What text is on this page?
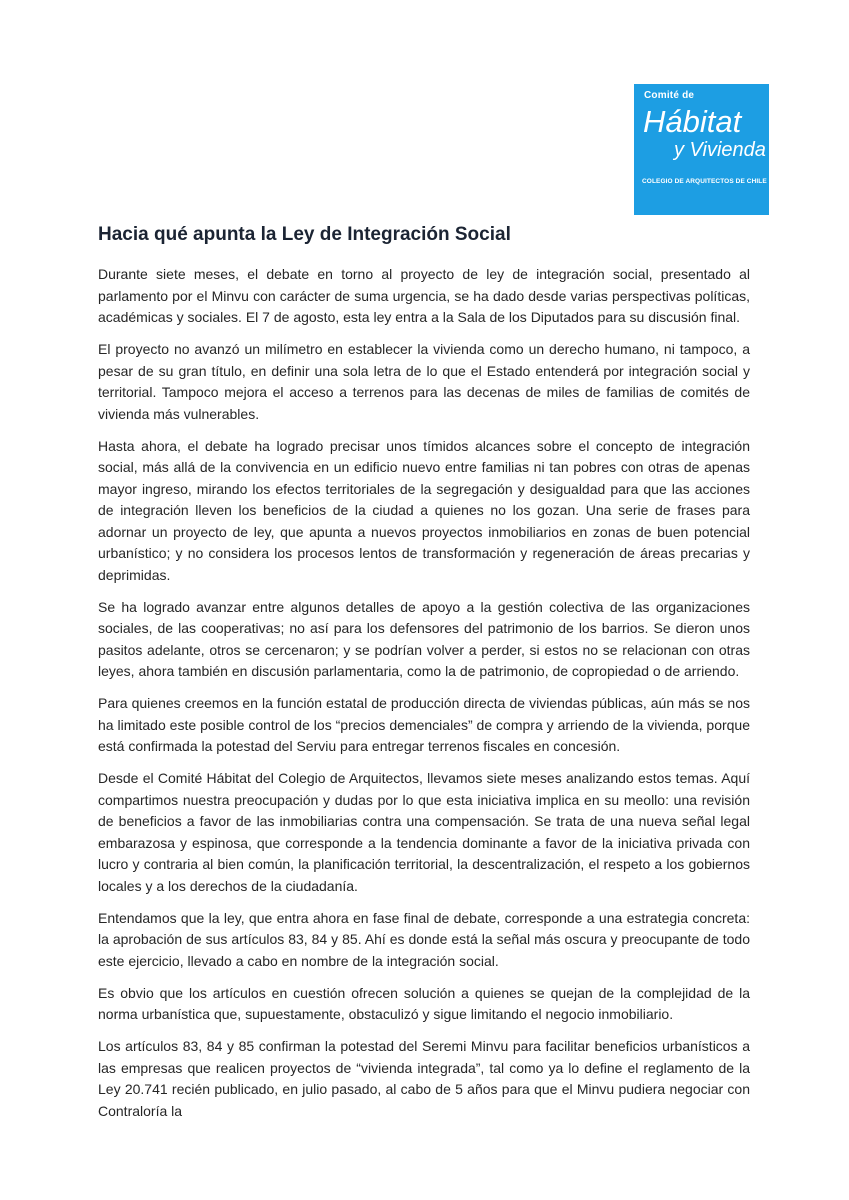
Comité de
Hábitat
y Vivienda
COLEGIO DE ARQUITECTOS DE CHILE
Hacia qué apunta la Ley de Integración Social

Durante siete meses, el debate en torno al proyecto de ley de integración social, presentado al parlamento por el Minvu con carácter de suma urgencia, se ha dado desde varias perspectivas políticas, académicas y sociales. El 7 de agosto, esta ley entra a la Sala de los Diputados para su discusión final.

El proyecto no avanzó un milímetro en establecer la vivienda como un derecho humano, ni tampoco, a pesar de su gran título, en definir una sola letra de lo que el Estado entenderá por integración social y territorial. Tampoco mejora el acceso a terrenos para las decenas de miles de familias de comités de vivienda más vulnerables.

Hasta ahora, el debate ha logrado precisar unos tímidos alcances sobre el concepto de integración social, más allá de la convivencia en un edificio nuevo entre familias ni tan pobres con otras de apenas mayor ingreso, mirando los efectos territoriales de la segregación y desigualdad para que las acciones de integración lleven los beneficios de la ciudad a quienes no los gozan. Una serie de frases para adornar un proyecto de ley, que apunta a nuevos proyectos inmobiliarios en zonas de buen potencial urbanístico; y no considera los procesos lentos de transformación y regeneración de áreas precarias y deprimidas.

Se ha logrado avanzar entre algunos detalles de apoyo a la gestión colectiva de las organizaciones sociales, de las cooperativas; no así para los defensores del patrimonio de los barrios. Se dieron unos pasitos adelante, otros se cercenaron; y se podrían volver a perder, si estos no se relacionan con otras leyes, ahora también en discusión parlamentaria, como la de patrimonio, de copropiedad o de arriendo.

Para quienes creemos en la función estatal de producción directa de viviendas públicas, aún más se nos ha limitado este posible control de los “precios demenciales” de compra y arriendo de la vivienda, porque está confirmada la potestad del Serviu para entregar terrenos fiscales en concesión.

Desde el Comité Hábitat del Colegio de Arquitectos, llevamos siete meses analizando estos temas. Aquí compartimos nuestra preocupación y dudas por lo que esta iniciativa implica en su meollo: una revisión de beneficios a favor de las inmobiliarias contra una compensación. Se trata de una nueva señal legal embarazosa y espinosa, que corresponde a la tendencia dominante a favor de la iniciativa privada con lucro y contraria al bien común, la planificación territorial, la descentralización, el respeto a los gobiernos locales y a los derechos de la ciudadanía.

Entendamos que la ley, que entra ahora en fase final de debate, corresponde a una estrategia concreta: la aprobación de sus artículos 83, 84 y 85. Ahí es donde está la señal más oscura y preocupante de todo este ejercicio, llevado a cabo en nombre de la integración social.

Es obvio que los artículos en cuestión ofrecen solución a quienes se quejan de la complejidad de la norma urbanística que, supuestamente, obstaculizó y sigue limitando el negocio inmobiliario.

Los artículos 83, 84 y 85 confirman la potestad del Seremi Minvu para facilitar beneficios urbanísticos a las empresas que realicen proyectos de “vivienda integrada”, tal como ya lo define el reglamento de la Ley 20.741 recién publicado, en julio pasado, al cabo de 5 años para que el Minvu pudiera negociar con Contraloría la
